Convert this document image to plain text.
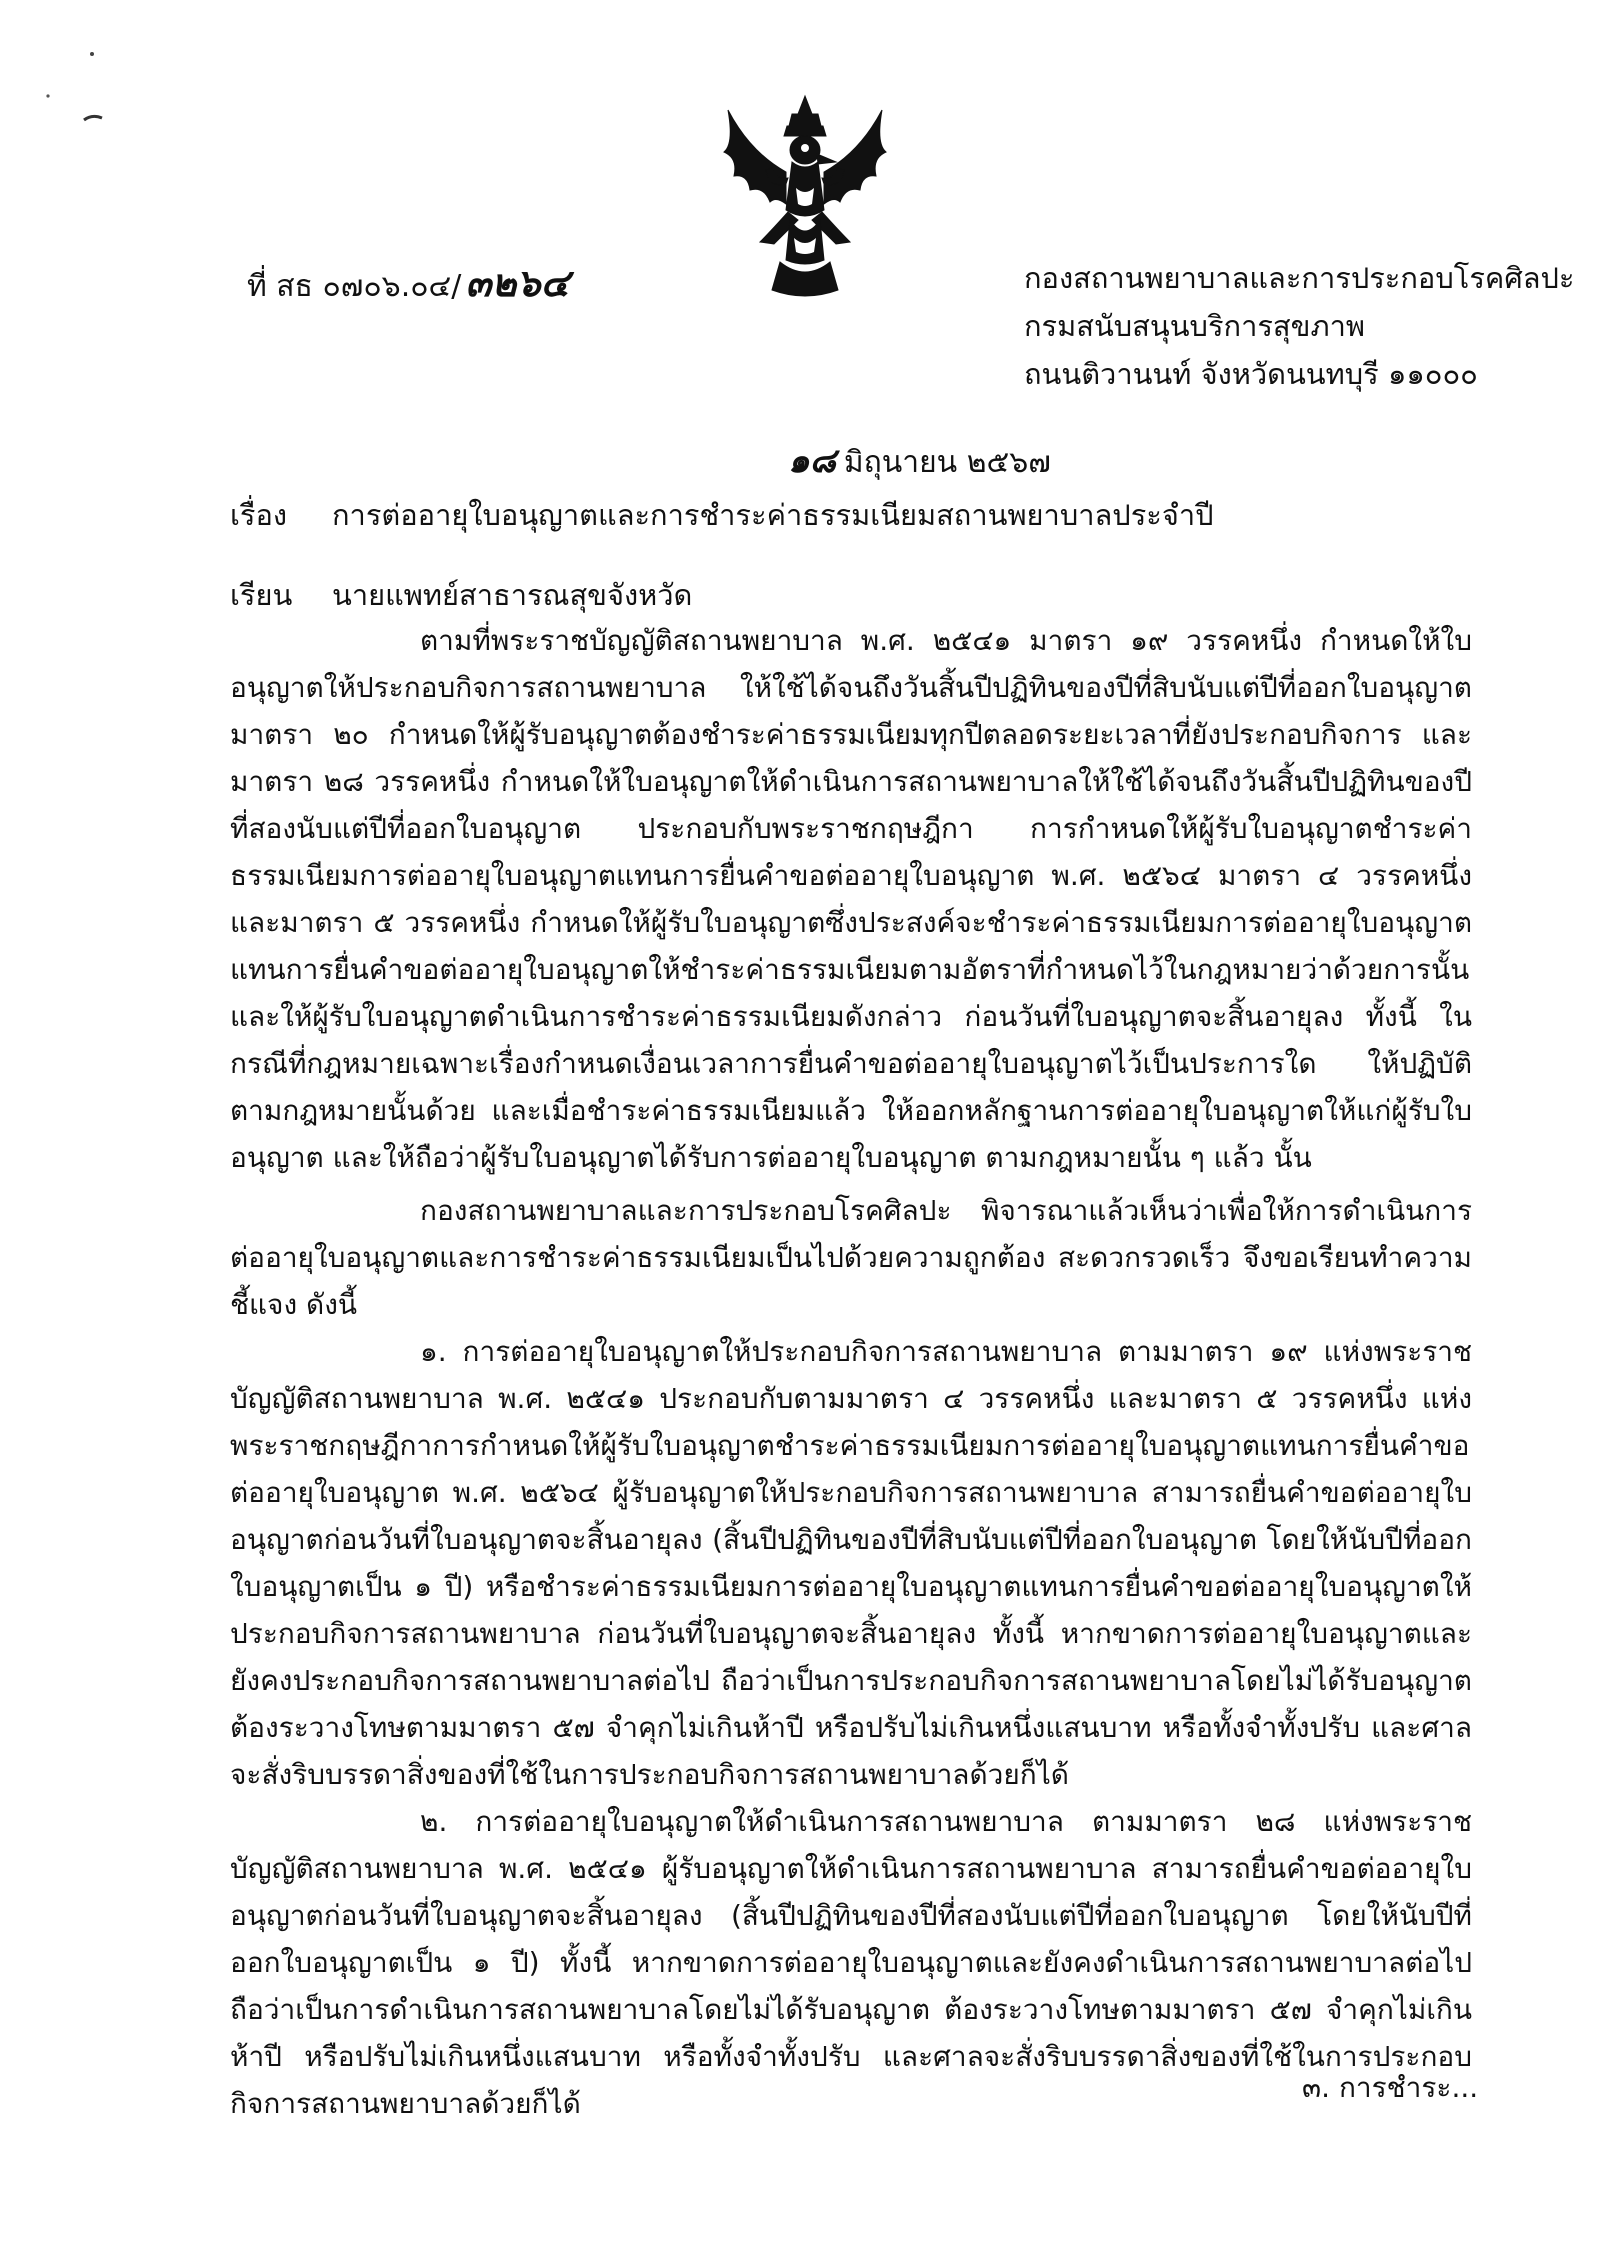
ที่ สธ ๐๗๐๖.๐๔/ ๓๒๖๔	กองสถานพยาบาลและการประกอบโรคศิลปะ
กรมสนับสนุนบริการสุขภาพ
ถนนติวานนท์ จังหวัดนนทบุรี ๑๑๐๐๐
๑๘ มิถุนายน ๒๕๖๗
เรื่อง การต่ออายุใบอนุญาตและการชำระค่าธรรมเนียมสถานพยาบาลประจำปี
เรียน นายแพทย์สาธารณสุขจังหวัด

ตามที่พระราชบัญญัติสถานพยาบาล พ.ศ. ๒๕๔๑ มาตรา ๑๙ วรรคหนึ่ง กำหนดให้ใบอนุญาตให้ประกอบกิจการสถานพยาบาล ให้ใช้ได้จนถึงวันสิ้นปีปฏิทินของปีที่สิบนับแต่ปีที่ออกใบอนุญาต มาตรา ๒๐ กำหนดให้ผู้รับอนุญาตต้องชำระค่าธรรมเนียมทุกปีตลอดระยะเวลาที่ยังประกอบกิจการ และมาตรา ๒๘ วรรคหนึ่ง กำหนดให้ใบอนุญาตให้ดำเนินการสถานพยาบาลให้ใช้ได้จนถึงวันสิ้นปีปฏิทินของปีที่สองนับแต่ปีที่ออกใบอนุญาต ประกอบกับพระราชกฤษฎีกา การกำหนดให้ผู้รับใบอนุญาตชำระค่าธรรมเนียมการต่ออายุใบอนุญาตแทนการยื่นคำขอต่ออายุใบอนุญาต พ.ศ. ๒๕๖๔ มาตรา ๔ วรรคหนึ่ง และมาตรา ๕ วรรคหนึ่ง กำหนดให้ผู้รับใบอนุญาตซึ่งประสงค์จะชำระค่าธรรมเนียมการต่ออายุใบอนุญาตแทนการยื่นคำขอต่ออายุใบอนุญาตให้ชำระค่าธรรมเนียมตามอัตราที่กำหนดไว้ในกฎหมายว่าด้วยการนั้น และให้ผู้รับใบอนุญาตดำเนินการชำระค่าธรรมเนียมดังกล่าว ก่อนวันที่ใบอนุญาตจะสิ้นอายุลง ทั้งนี้ ในกรณีที่กฎหมายเฉพาะเรื่องกำหนดเงื่อนเวลาการยื่นคำขอต่ออายุใบอนุญาตไว้เป็นประการใด ให้ปฏิบัติตามกฎหมายนั้นด้วย และเมื่อชำระค่าธรรมเนียมแล้ว ให้ออกหลักฐานการต่ออายุใบอนุญาตให้แก่ผู้รับใบอนุญาต และให้ถือว่าผู้รับใบอนุญาตได้รับการต่ออายุใบอนุญาต ตามกฎหมายนั้น ๆ แล้ว นั้น

กองสถานพยาบาลและการประกอบโรคศิลปะ พิจารณาแล้วเห็นว่าเพื่อให้การดำเนินการต่ออายุใบอนุญาตและการชำระค่าธรรมเนียมเป็นไปด้วยความถูกต้อง สะดวกรวดเร็ว จึงขอเรียนทำความชี้แจง ดังนี้

๑. การต่ออายุใบอนุญาตให้ประกอบกิจการสถานพยาบาล ตามมาตรา ๑๙ แห่งพระราชบัญญัติสถานพยาบาล พ.ศ. ๒๕๔๑ ประกอบกับตามมาตรา ๔ วรรคหนึ่ง และมาตรา ๕ วรรคหนึ่ง แห่งพระราชกฤษฎีกาการกำหนดให้ผู้รับใบอนุญาตชำระค่าธรรมเนียมการต่ออายุใบอนุญาตแทนการยื่นคำขอต่ออายุใบอนุญาต พ.ศ. ๒๕๖๔ ผู้รับอนุญาตให้ประกอบกิจการสถานพยาบาล สามารถยื่นคำขอต่ออายุใบอนุญาตก่อนวันที่ใบอนุญาตจะสิ้นอายุลง (สิ้นปีปฏิทินของปีที่สิบนับแต่ปีที่ออกใบอนุญาต โดยให้นับปีที่ออกใบอนุญาตเป็น ๑ ปี) หรือชำระค่าธรรมเนียมการต่ออายุใบอนุญาตแทนการยื่นคำขอต่ออายุใบอนุญาตให้ประกอบกิจการสถานพยาบาล ก่อนวันที่ใบอนุญาตจะสิ้นอายุลง ทั้งนี้ หากขาดการต่ออายุใบอนุญาตและยังคงประกอบกิจการสถานพยาบาลต่อไป ถือว่าเป็นการประกอบกิจการสถานพยาบาลโดยไม่ได้รับอนุญาต ต้องระวางโทษตามมาตรา ๕๗ จำคุกไม่เกินห้าปี หรือปรับไม่เกินหนึ่งแสนบาท หรือทั้งจำทั้งปรับ และศาลจะสั่งริบบรรดาสิ่งของที่ใช้ในการประกอบกิจการสถานพยาบาลด้วยก็ได้

๒. การต่ออายุใบอนุญาตให้ดำเนินการสถานพยาบาล ตามมาตรา ๒๘ แห่งพระราชบัญญัติสถานพยาบาล พ.ศ. ๒๕๔๑ ผู้รับอนุญาตให้ดำเนินการสถานพยาบาล สามารถยื่นคำขอต่ออายุใบอนุญาตก่อนวันที่ใบอนุญาตจะสิ้นอายุลง (สิ้นปีปฏิทินของปีที่สองนับแต่ปีที่ออกใบอนุญาต โดยให้นับปีที่ออกใบอนุญาตเป็น ๑ ปี) ทั้งนี้ หากขาดการต่ออายุใบอนุญาตและยังคงดำเนินการสถานพยาบาลต่อไป ถือว่าเป็นการดำเนินการสถานพยาบาลโดยไม่ได้รับอนุญาต ต้องระวางโทษตามมาตรา ๕๗ จำคุกไม่เกินห้าปี หรือปรับไม่เกินหนึ่งแสนบาท หรือทั้งจำทั้งปรับ และศาลจะสั่งริบบรรดาสิ่งของที่ใช้ในการประกอบกิจการสถานพยาบาลด้วยก็ได้	๓. การชำระ...
